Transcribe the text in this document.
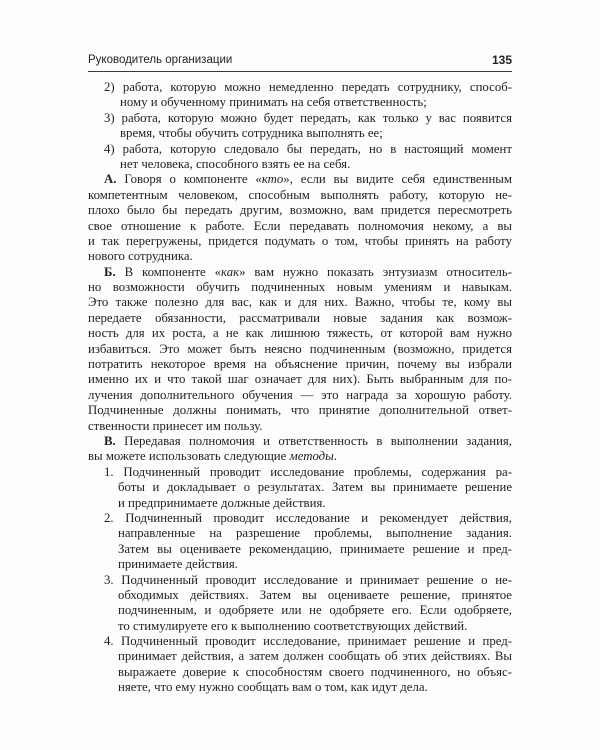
Руководитель организации	135
2) работа, которую можно немедленно передать сотруднику, способ-
ному и обученному принимать на себя ответственность;
3) работа, которую можно будет передать, как только у вас появится
время, чтобы обучить сотрудника выполнять ее;
4) работа, которую следовало бы передать, но в настоящий момент
нет человека, способного взять ее на себя.
А. Говоря о компоненте «кто», если вы видите себя единственным
компетентным человеком, способным выполнять работу, которую не-
плохо было бы передать другим, возможно, вам придется пересмотреть
свое отношение к работе. Если передавать полномочия некому, а вы
и так перегружены, придется подумать о том, чтобы принять на работу
нового сотрудника.
Б. В компоненте «как» вам нужно показать энтузиазм относитель-
но возможности обучить подчиненных новым умениям и навыкам.
Это также полезно для вас, как и для них. Важно, чтобы те, кому вы
передаете обязанности, рассматривали новые задания как возмож-
ность для их роста, а не как лишнюю тяжесть, от которой вам нужно
избавиться. Это может быть неясно подчиненным (возможно, придется
потратить некоторое время на объяснение причин, почему вы избрали
именно их и что такой шаг означает для них). Быть выбранным для по-
лучения дополнительного обучения — это награда за хорошую работу.
Подчиненные должны понимать, что принятие дополнительной ответ-
ственности принесет им пользу.
В. Передавая полномочия и ответственность в выполнении задания,
вы можете использовать следующие методы.
1. Подчиненный проводит исследование проблемы, содержания ра-
боты и докладывает о результатах. Затем вы принимаете решение
и предпринимаете должные действия.
2. Подчиненный проводит исследование и рекомендует действия,
направленные на разрешение проблемы, выполнение задания.
Затем вы оцениваете рекомендацию, принимаете решение и пред-
принимаете действия.
3. Подчиненный проводит исследование и принимает решение о не-
обходимых действиях. Затем вы оцениваете решение, принятое
подчиненным, и одобряете или не одобряете его. Если одобряете,
то стимулируете его к выполнению соответствующих действий.
4. Подчиненный проводит исследование, принимает решение и пред-
принимает действия, а затем должен сообщать об этих действиях. Вы
выражаете доверие к способностям своего подчиненного, но объяс-
няете, что ему нужно сообщать вам о том, как идут дела.
